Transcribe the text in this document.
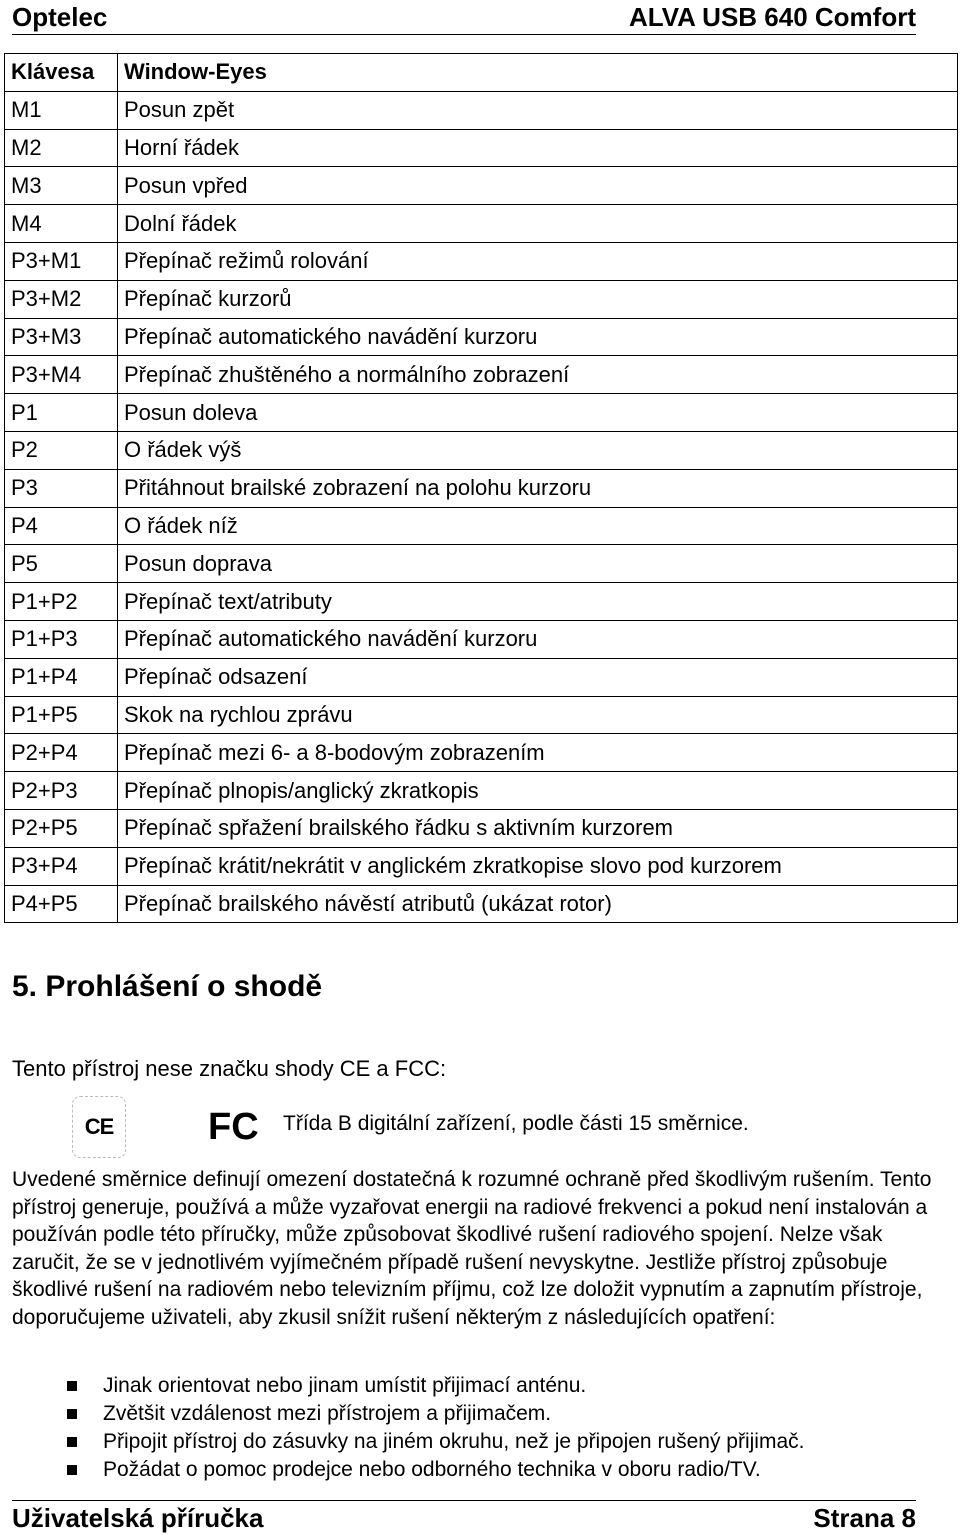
Optelec	ALVA USB 640 Comfort
Klávesa	Window-Eyes
M1	Posun zpět
M2	Horní řádek
M3	Posun vpřed
M4	Dolní řádek
P3+M1	Přepínač režimů rolování
P3+M2	Přepínač kurzorů
P3+M3	Přepínač automatického navádění kurzoru
P3+M4	Přepínač zhuštěného a normálního zobrazení
P1	Posun doleva
P2	O řádek výš
P3	Přitáhnout brailské zobrazení na polohu kurzoru
P4	O řádek níž
P5	Posun doprava
P1+P2	Přepínač text/atributy
P1+P3	Přepínač automatického navádění kurzoru
P1+P4	Přepínač odsazení
P1+P5	Skok na rychlou zprávu
P2+P4	Přepínač mezi 6- a 8-bodovým zobrazením
P2+P3	Přepínač plnopis/anglický zkratkopis
P2+P5	Přepínač spřažení brailského řádku s aktivním kurzorem
P3+P4	Přepínač krátit/nekrátit v anglickém zkratkopise slovo pod kurzorem
P4+P5	Přepínač brailského návěstí atributů (ukázat rotor)
5. Prohlášení o shodě

Tento přístroj nese značku shody CE a FCC:

CE FC Třída B digitální zařízení, podle části 15 směrnice.

Uvedené směrnice definují omezení dostatečná k rozumné ochraně před škodlivým rušením. Tento přístroj generuje, používá a může vyzařovat energii na radiové frekvenci a pokud není instalován a používán podle této příručky, může způsobovat škodlivé rušení radiového spojení. Nelze však zaručit, že se v jednotlivém vyjímečném případě rušení nevyskytne. Jestliže přístroj způsobuje škodlivé rušení na radiovém nebo televizním příjmu, což lze doložit vypnutím a zapnutím přístroje, doporučujeme uživateli, aby zkusil snížit rušení některým z následujících opatření:

Jinak orientovat nebo jinam umístit přijimací anténu.
Zvětšit vzdálenost mezi přístrojem a přijimačem.
Připojit přístroj do zásuvky na jiném okruhu, než je připojen rušený přijimač.
Požádat o pomoc prodejce nebo odborného technika v oboru radio/TV.
Uživatelská příručka	Strana 8
